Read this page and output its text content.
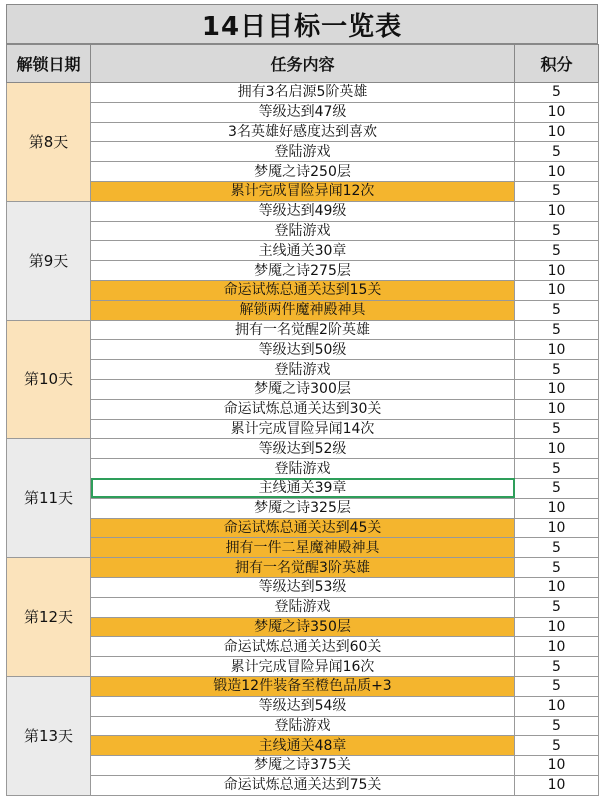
14日目标一览表
解锁日期	任务内容	积分
第8天	拥有3名启源5阶英雄	5
	等级达到47级	10
	3名英雄好感度达到喜欢	10
	登陆游戏	5
	梦魇之诗250层	10
	累计完成冒险异闻12次	5
第9天	等级达到49级	10
	登陆游戏	5
	主线通关30章	5
	梦魇之诗275层	10
	命运试炼总通关达到15关	10
	解锁两件魔神殿神具	5
第10天	拥有一名觉醒2阶英雄	5
	等级达到50级	10
	登陆游戏	5
	梦魇之诗300层	10
	命运试炼总通关达到30关	10
	累计完成冒险异闻14次	5
第11天	等级达到52级	10
	登陆游戏	5
	主线通关39章	5
	梦魇之诗325层	10
	命运试炼总通关达到45关	10
	拥有一件二星魔神殿神具	5
第12天	拥有一名觉醒3阶英雄	5
	等级达到53级	10
	登陆游戏	5
	梦魇之诗350层	10
	命运试炼总通关达到60关	10
	累计完成冒险异闻16次	5
第13天	锻造12件装备至橙色品质+3	5
	等级达到54级	10
	登陆游戏	5
	主线通关48章	5
	梦魇之诗375关	10
	命运试炼总通关达到75关	10
